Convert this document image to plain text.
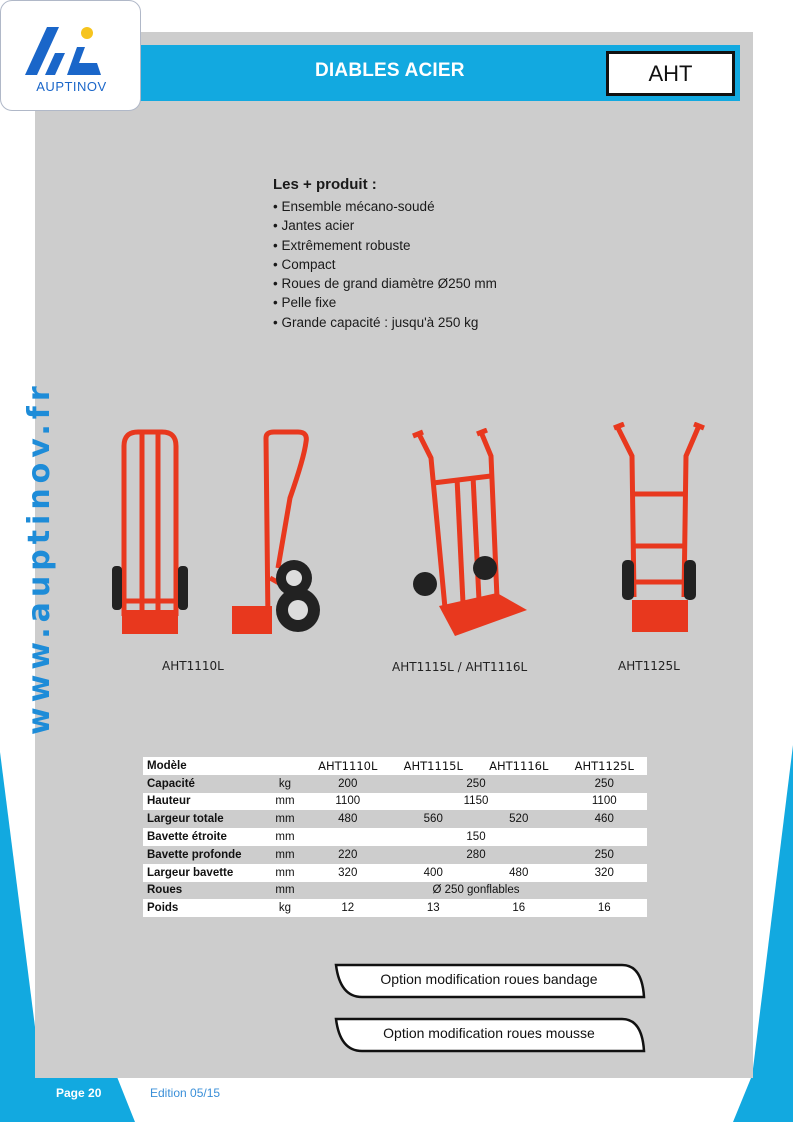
DIABLES ACIER	AHT
AUPTINOV
www.auptinov.fr
Les + produit :
• Ensemble mécano-soudé
• Jantes acier
• Extrêmement robuste
• Compact
• Roues de grand diamètre Ø250 mm
• Pelle fixe
• Grande capacité : jusqu'à 250 kg
AHT1110L	AHT1115L / AHT1116L	AHT1125L
Modèle		AHT1110L	AHT1115L	AHT1116L	AHT1125L
Capacité	kg	200	250		250
Hauteur	mm	1100	1150		1100
Largeur totale	mm	480	560	520	460
Bavette étroite	mm	150			
Bavette profonde	mm	220	280		250
Largeur bavette	mm	320	400	480	320
Roues	mm	Ø 250 gonflables			
Poids	kg	12	13	16	16
Option modification roues bandage
Option modification roues mousse
Page 20	Edition 05/15
